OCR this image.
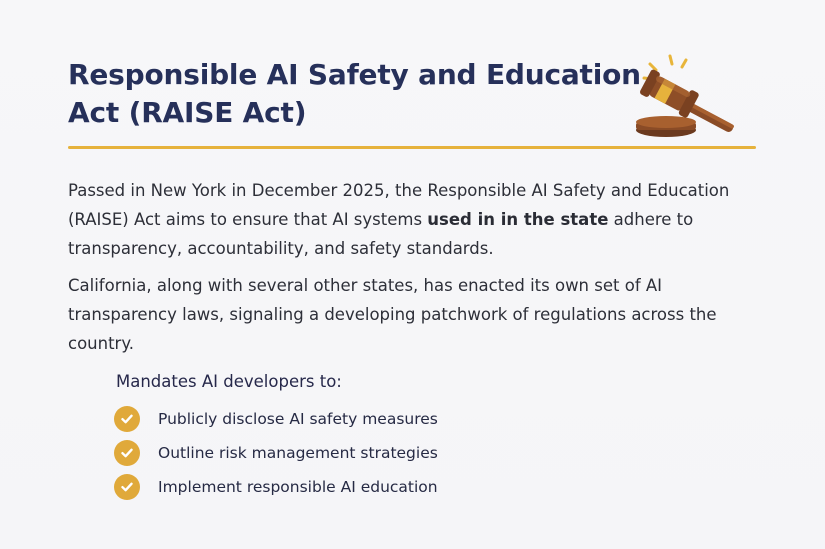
Responsible AI Safety and Education Act (RAISE Act)

Passed in New York in December 2025, the Responsible AI Safety and Education (RAISE) Act aims to ensure that AI systems used in in the state adhere to transparency, accountability, and safety standards.

California, along with several other states, has enacted its own set of AI transparency laws, signaling a developing patchwork of regulations across the country.

Mandates AI developers to:
Publicly disclose AI safety measures
Outline risk management strategies
Implement responsible AI education
